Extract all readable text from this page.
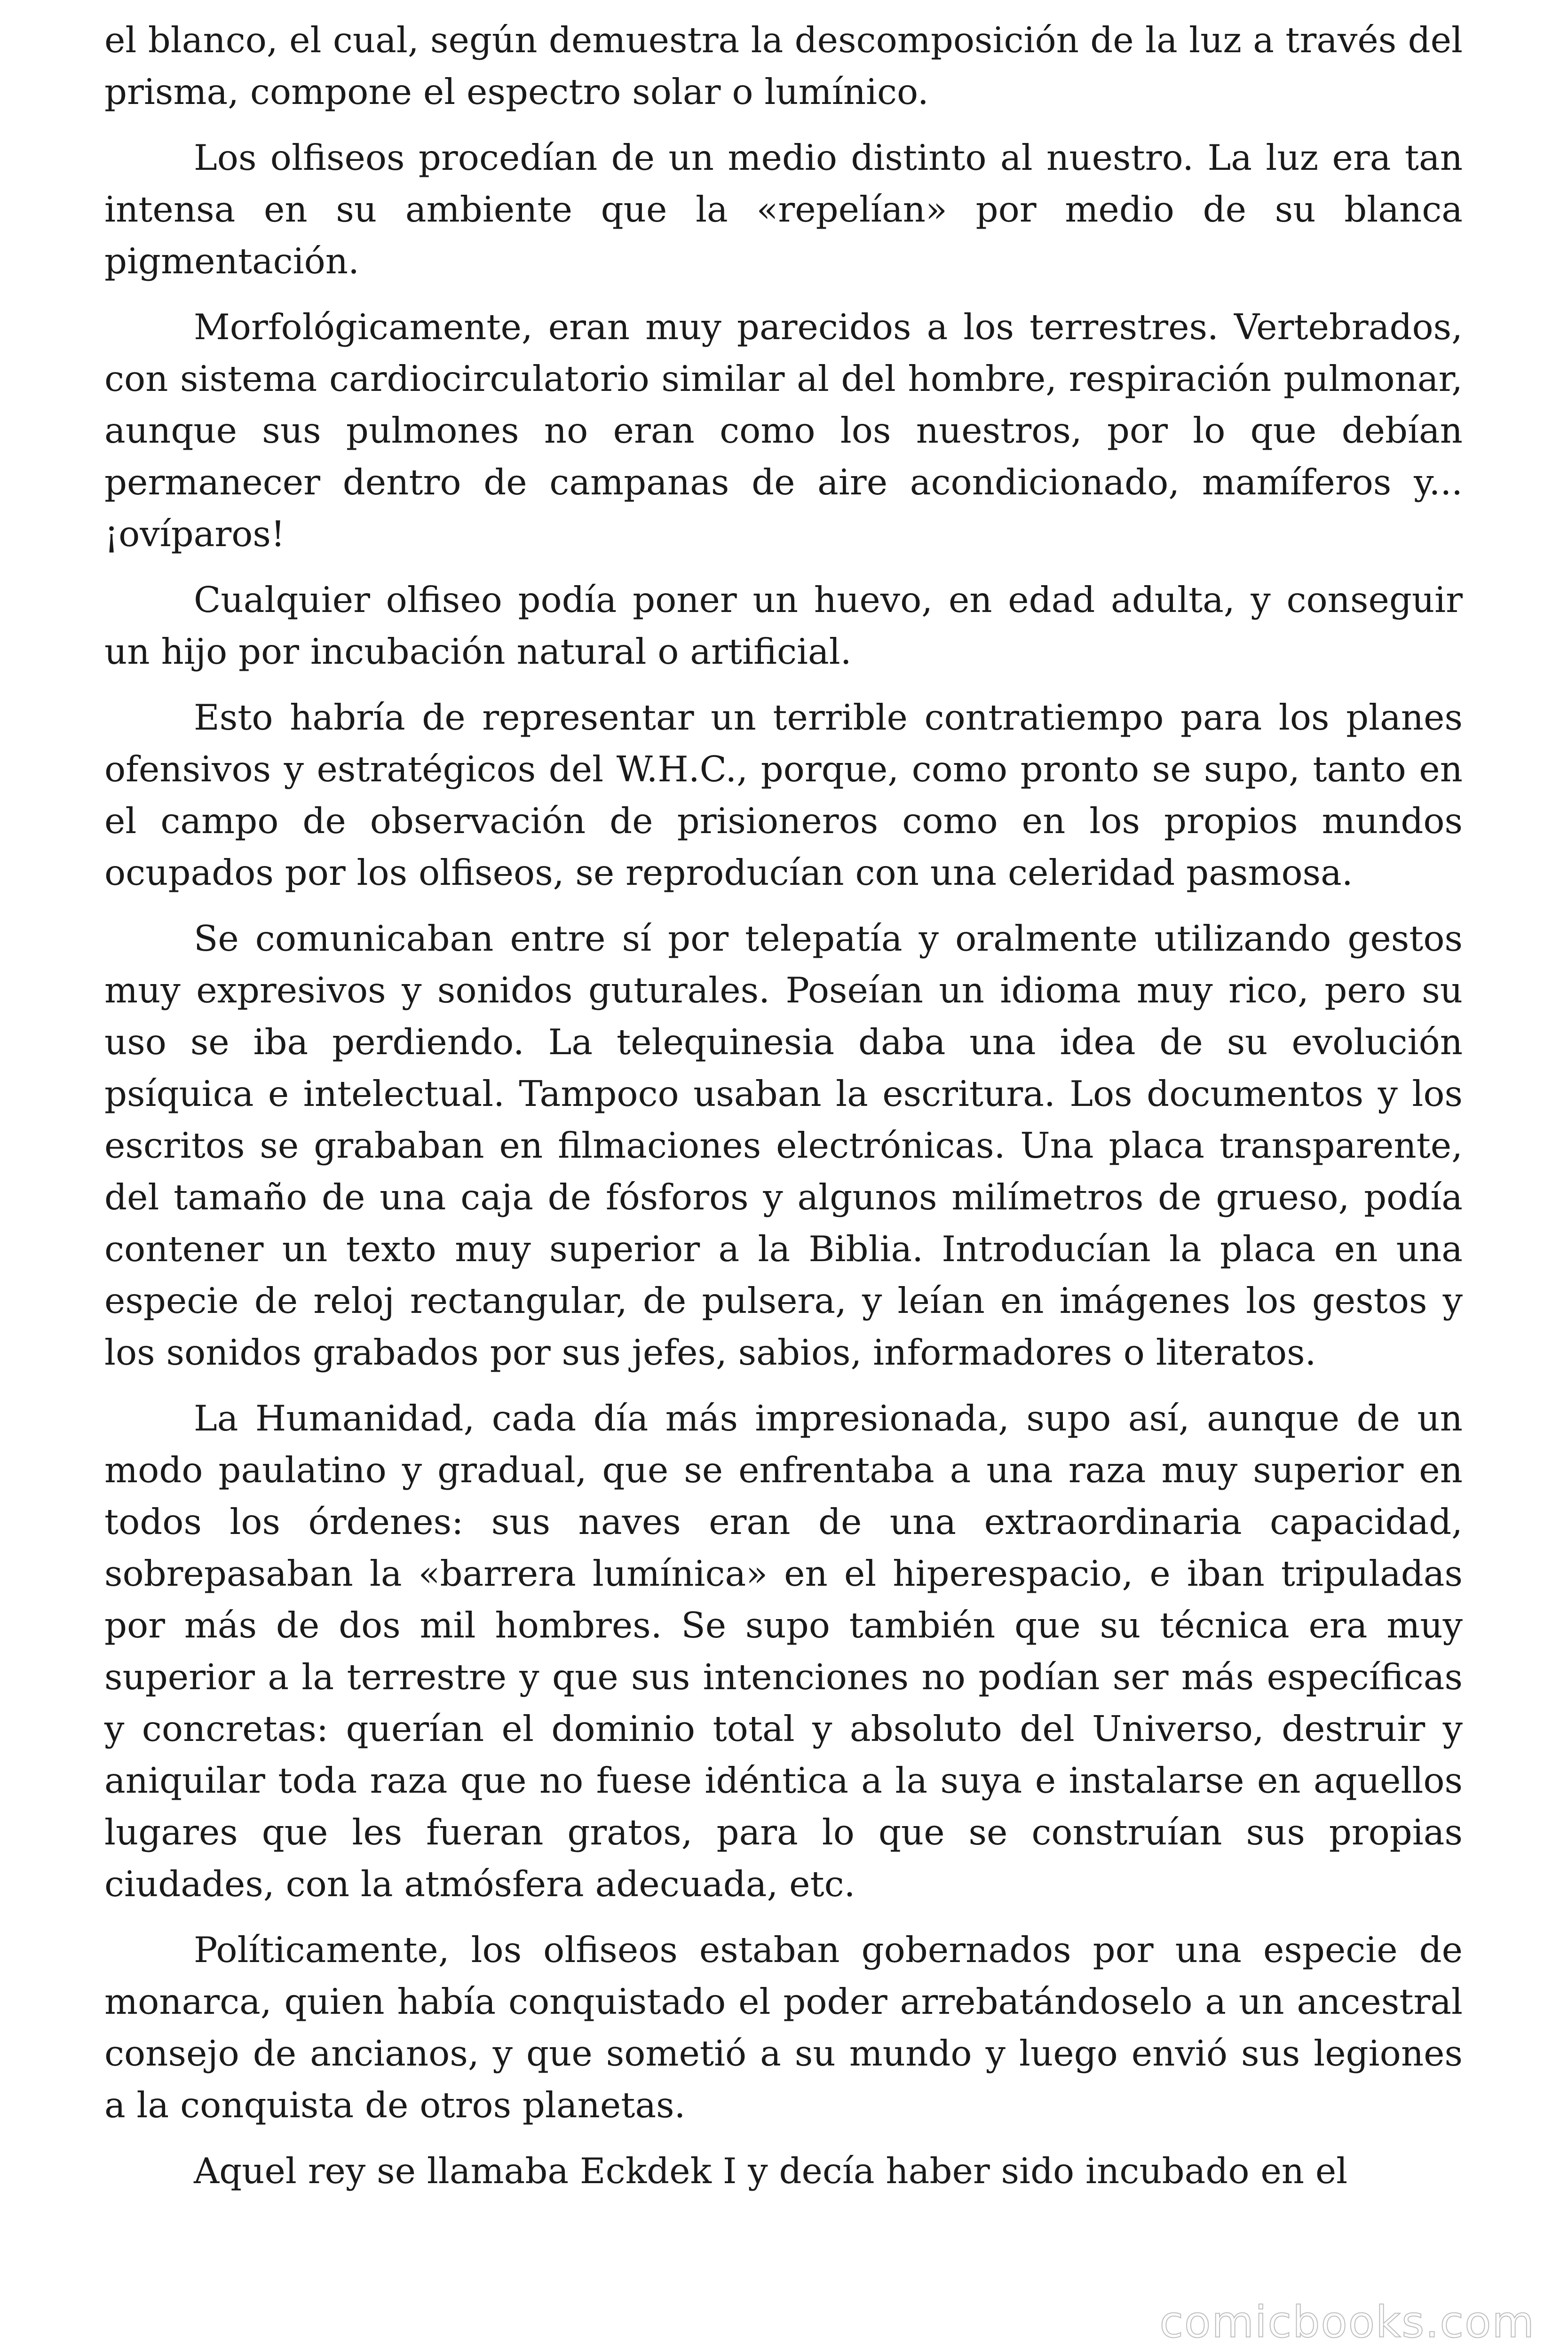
el blanco, el cual, según demuestra la descomposición de la luz a través del prisma, compone el espectro solar o lumínico.

Los olfiseos procedían de un medio distinto al nuestro. La luz era tan intensa en su ambiente que la «repelían» por medio de su blanca pigmentación.

Morfológicamente, eran muy parecidos a los terrestres. Vertebrados, con sistema cardiocirculatorio similar al del hombre, respiración pulmonar, aunque sus pulmones no eran como los nuestros, por lo que debían permanecer dentro de campanas de aire acondicionado, mamíferos y... ¡ovíparos!

Cualquier olfiseo podía poner un huevo, en edad adulta, y conseguir un hijo por incubación natural o artificial.

Esto habría de representar un terrible contratiempo para los planes ofensivos y estratégicos del W.H.C., porque, como pronto se supo, tanto en el campo de observación de prisioneros como en los propios mundos ocupados por los olfiseos, se reproducían con una celeridad pasmosa.

Se comunicaban entre sí por telepatía y oralmente utilizando gestos muy expresivos y sonidos guturales. Poseían un idioma muy rico, pero su uso se iba perdiendo. La telequinesia daba una idea de su evolución psíquica e intelectual. Tampoco usaban la escritura. Los documentos y los escritos se grababan en filmaciones electrónicas. Una placa transparente, del tamaño de una caja de fósforos y algunos milímetros de grueso, podía contener un texto muy superior a la Biblia. Introducían la placa en una especie de reloj rectangular, de pulsera, y leían en imágenes los gestos y los sonidos grabados por sus jefes, sabios, informadores o literatos.

La Humanidad, cada día más impresionada, supo así, aunque de un modo paulatino y gradual, que se enfrentaba a una raza muy superior en todos los órdenes: sus naves eran de una extraordinaria capacidad, sobrepasaban la «barrera lumínica» en el hiperespacio, e iban tripuladas por más de dos mil hombres. Se supo también que su técnica era muy superior a la terrestre y que sus intenciones no podían ser más específicas y concretas: querían el dominio total y absoluto del Universo, destruir y aniquilar toda raza que no fuese idéntica a la suya e instalarse en aquellos lugares que les fueran gratos, para lo que se construían sus propias ciudades, con la atmósfera adecuada, etc.

Políticamente, los olfiseos estaban gobernados por una especie de monarca, quien había conquistado el poder arrebatándoselo a un ancestral consejo de ancianos, y que sometió a su mundo y luego envió sus legiones a la conquista de otros planetas.

Aquel rey se llamaba Eckdek I y decía haber sido incubado en el

comicbooks.com
